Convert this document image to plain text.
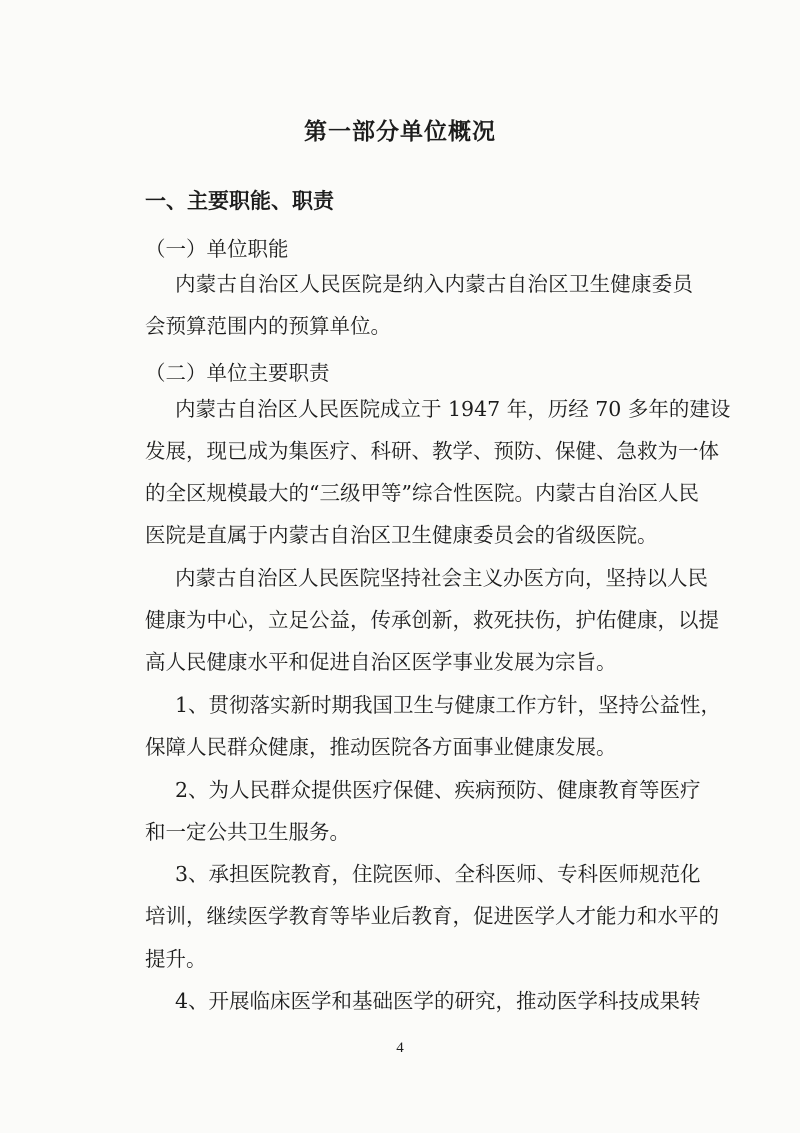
第一部分单位概况
一、主要职能、职责
（一）单位职能
内蒙古自治区人民医院是纳入内蒙古自治区卫生健康委员
会预算范围内的预算单位。
（二）单位主要职责
内蒙古自治区人民医院成立于 1947 年，历经 70 多年的建设
发展，现已成为集医疗、科研、教学、预防、保健、急救为一体
的全区规模最大的“三级甲等”综合性医院。内蒙古自治区人民
医院是直属于内蒙古自治区卫生健康委员会的省级医院。
内蒙古自治区人民医院坚持社会主义办医方向，坚持以人民
健康为中心，立足公益，传承创新，救死扶伤，护佑健康，以提
高人民健康水平和促进自治区医学事业发展为宗旨。
1、贯彻落实新时期我国卫生与健康工作方针，坚持公益性，
保障人民群众健康，推动医院各方面事业健康发展。
2、为人民群众提供医疗保健、疾病预防、健康教育等医疗
和一定公共卫生服务。
3、承担医院教育，住院医师、全科医师、专科医师规范化
培训，继续医学教育等毕业后教育，促进医学人才能力和水平的
提升。
4、开展临床医学和基础医学的研究，推动医学科技成果转
4
